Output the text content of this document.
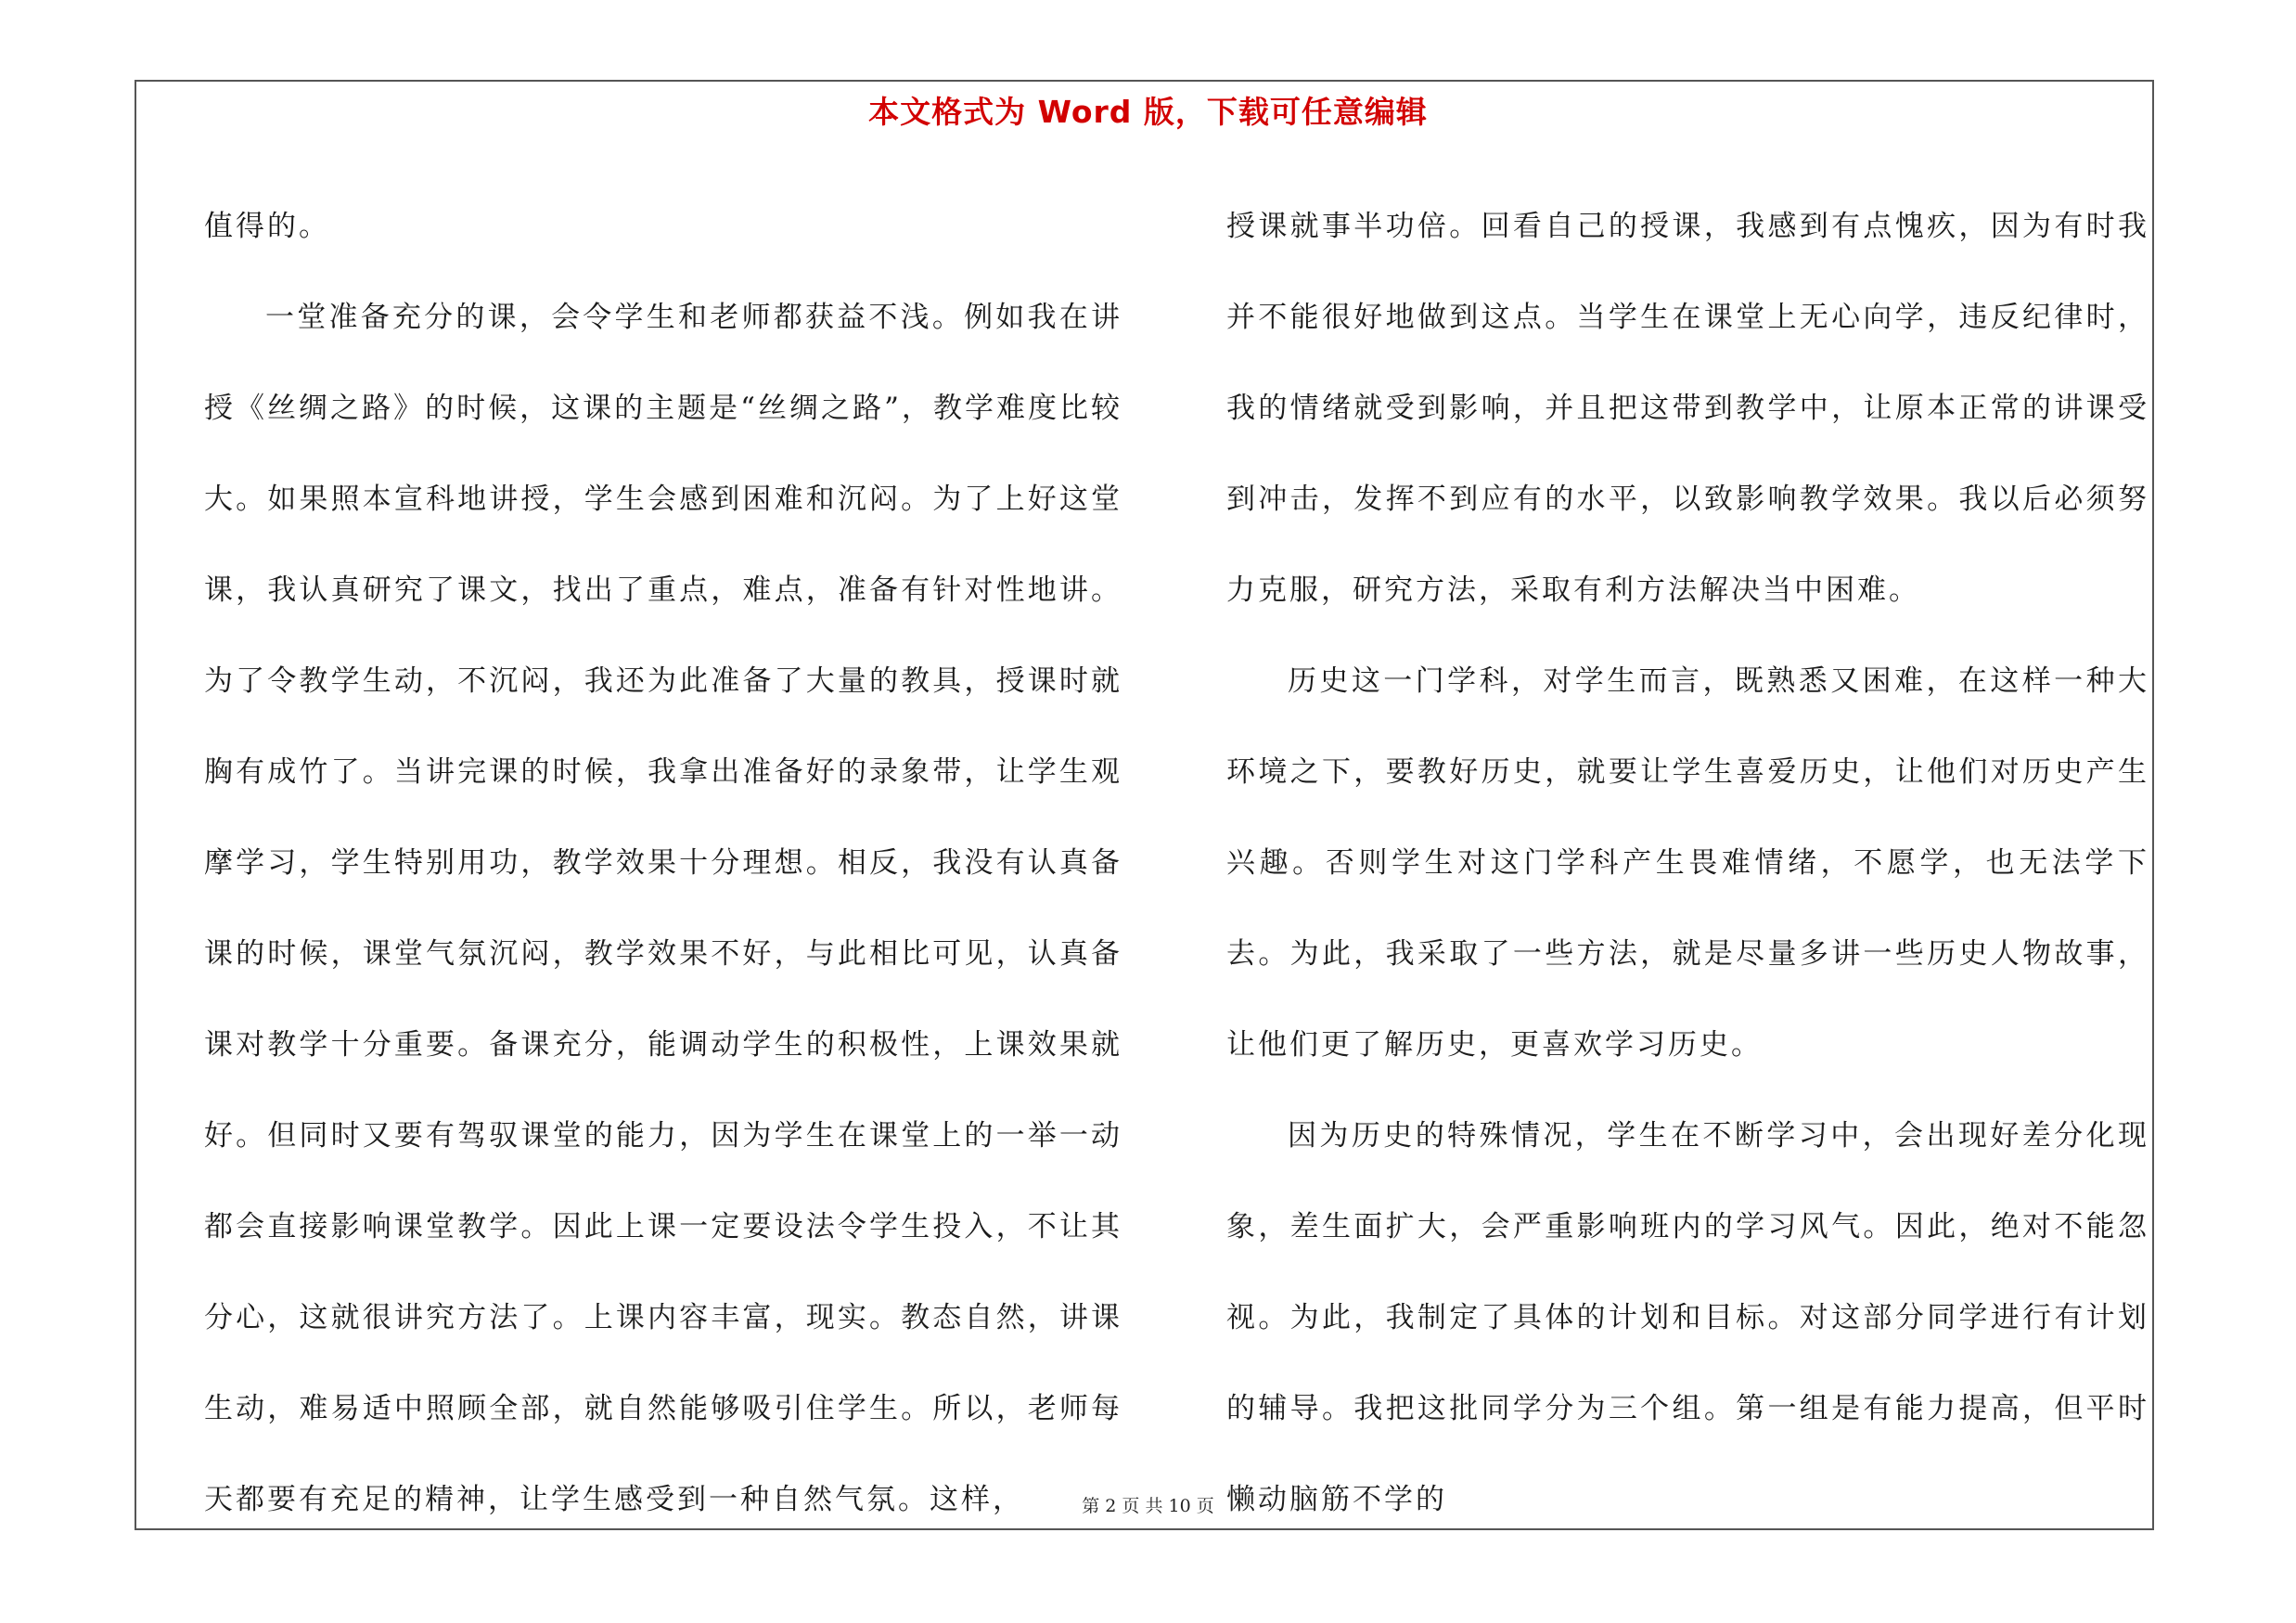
本文格式为 Word 版，下载可任意编辑

值得的。

一堂准备充分的课，会令学生和老师都获益不浅。例如我在讲授《丝绸之路》的时候，这课的主题是“丝绸之路”，教学难度比较大。如果照本宣科地讲授，学生会感到困难和沉闷。为了上好这堂课，我认真研究了课文，找出了重点，难点，准备有针对性地讲。为了令教学生动，不沉闷，我还为此准备了大量的教具，授课时就胸有成竹了。当讲完课的时候，我拿出准备好的录象带，让学生观摩学习，学生特别用功，教学效果十分理想。相反，我没有认真备课的时候，课堂气氛沉闷，教学效果不好，与此相比可见，认真备课对教学十分重要。备课充分，能调动学生的积极性，上课效果就好。但同时又要有驾驭课堂的能力，因为学生在课堂上的一举一动都会直接影响课堂教学。因此上课一定要设法令学生投入，不让其分心，这就很讲究方法了。上课内容丰富，现实。教态自然，讲课生动，难易适中照顾全部，就自然能够吸引住学生。所以，老师每天都要有充足的精神，让学生感受到一种自然气氛。这样，

授课就事半功倍。回看自己的授课，我感到有点愧疚，因为有时我并不能很好地做到这点。当学生在课堂上无心向学，违反纪律时，我的情绪就受到影响，并且把这带到教学中，让原本正常的讲课受到冲击，发挥不到应有的水平，以致影响教学效果。我以后必须努力克服，研究方法，采取有利方法解决当中困难。

历史这一门学科，对学生而言，既熟悉又困难，在这样一种大环境之下，要教好历史，就要让学生喜爱历史，让他们对历史产生兴趣。否则学生对这门学科产生畏难情绪，不愿学，也无法学下去。为此，我采取了一些方法，就是尽量多讲一些历史人物故事，让他们更了解历史，更喜欢学习历史。

因为历史的特殊情况，学生在不断学习中，会出现好差分化现象，差生面扩大，会严重影响班内的学习风气。因此，绝对不能忽视。为此，我制定了具体的计划和目标。对这部分同学进行有计划的辅导。我把这批同学分为三个组。第一组是有能力提高，但平时懒动脑筋不学的

第 2 页 共 10 页
